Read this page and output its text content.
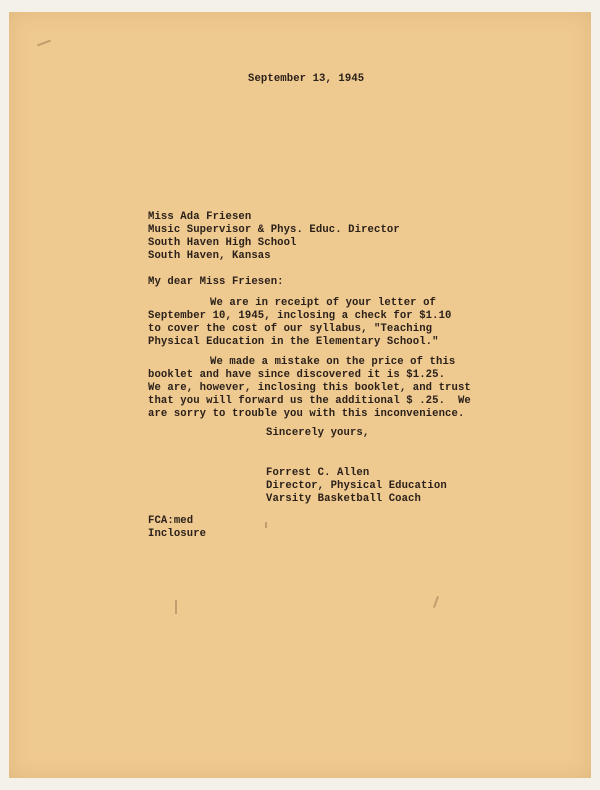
September 13, 1945

Miss Ada Friesen

Music Supervisor & Phys. Educ. Director

South Haven High School

South Haven, Kansas

My dear Miss Friesen:

We are in receipt of your letter of

September 10, 1945, inclosing a check for $1.10

to cover the cost of our syllabus, "Teaching

Physical Education in the Elementary School."

We made a mistake on the price of this

booklet and have since discovered it is $1.25.

We are, however, inclosing this booklet, and trust

that you will forward us the additional $ .25.  We

are sorry to trouble you with this inconvenience.

Sincerely yours,

Forrest C. Allen

Director, Physical Education

Varsity Basketball Coach

FCA:med

Inclosure
